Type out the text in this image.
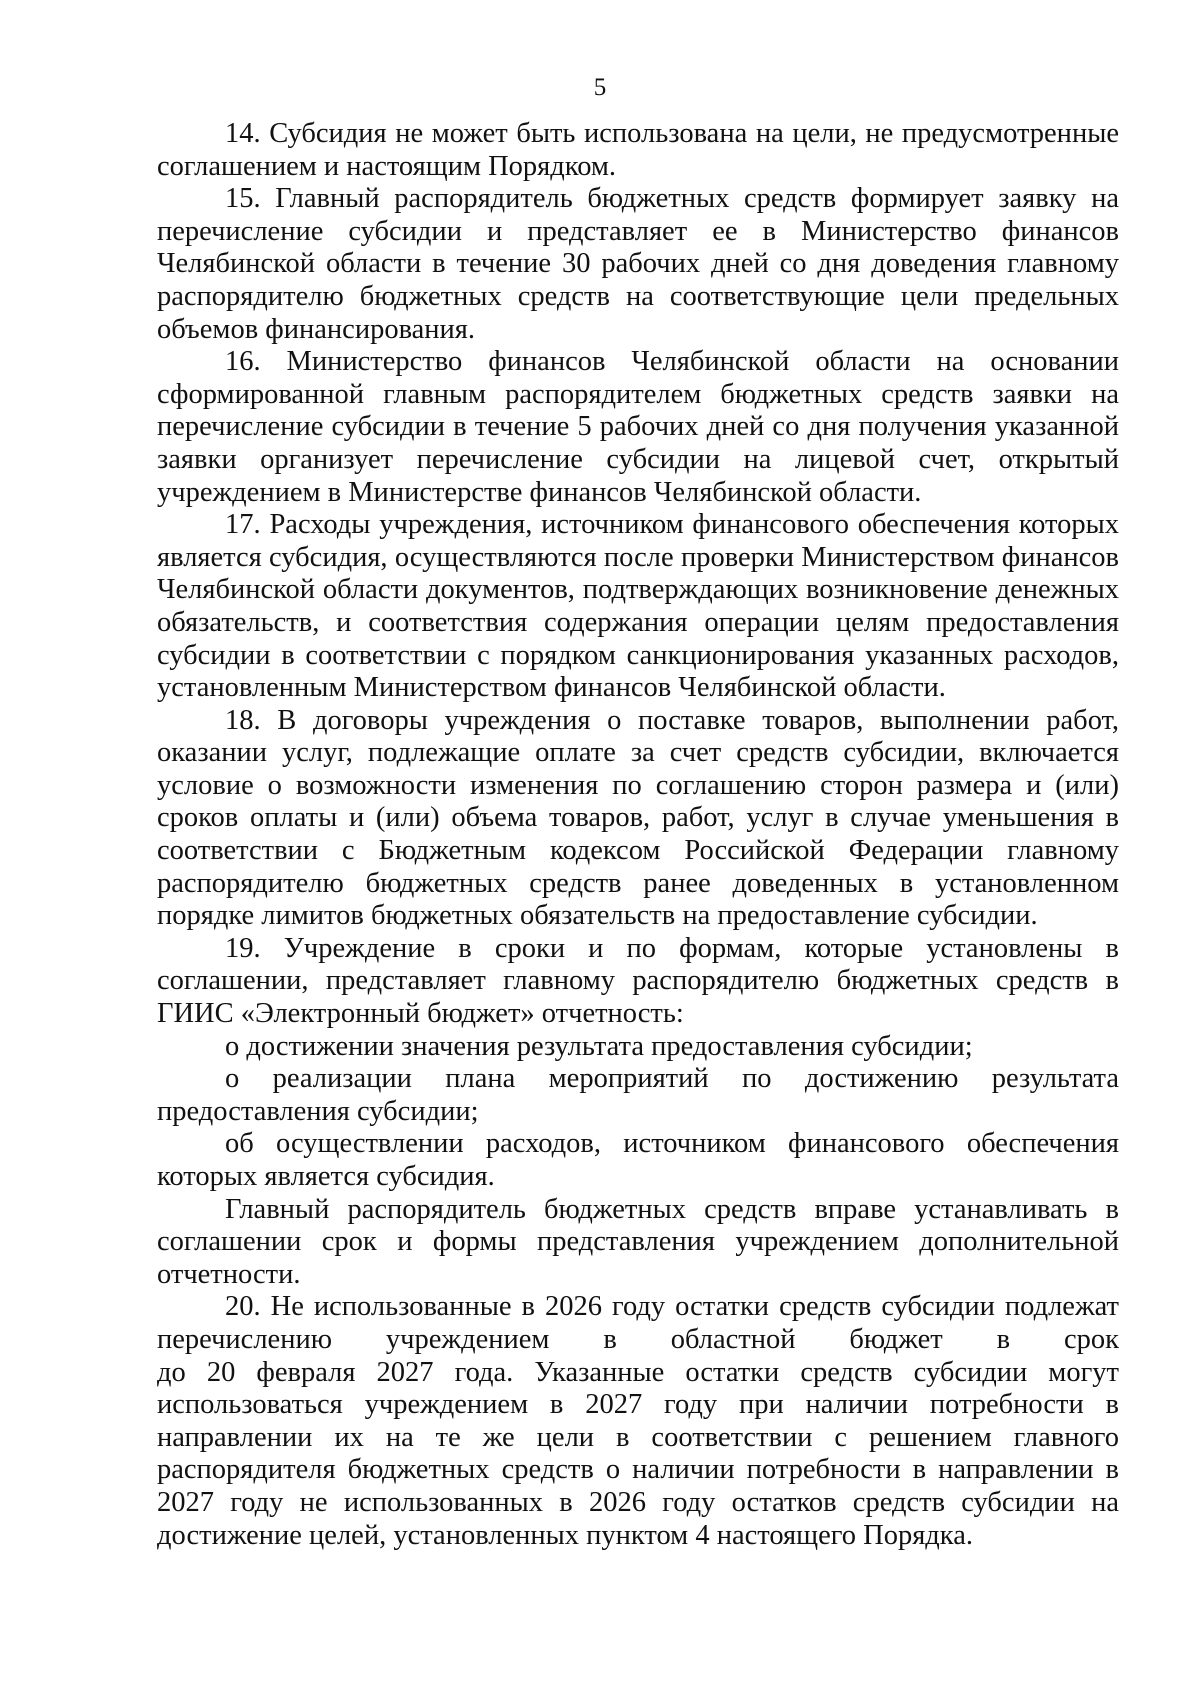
5

14. Субсидия не может быть использована на цели, не предусмотренные соглашением и настоящим Порядком.

15. Главный распорядитель бюджетных средств формирует заявку на перечисление субсидии и представляет ее в Министерство финансов Челябинской области в течение 30 рабочих дней со дня доведения главному распорядителю бюджетных средств на соответствующие цели предельных объемов финансирования.

16. Министерство финансов Челябинской области на основании сформированной главным распорядителем бюджетных средств заявки на перечисление субсидии в течение 5 рабочих дней со дня получения указанной заявки организует перечисление субсидии на лицевой счет, открытый учреждением в Министерстве финансов Челябинской области.

17. Расходы учреждения, источником финансового обеспечения которых является субсидия, осуществляются после проверки Министерством финансов Челябинской области документов, подтверждающих возникновение денежных обязательств, и соответствия содержания операции целям предоставления субсидии в соответствии с порядком санкционирования указанных расходов, установленным Министерством финансов Челябинской области.

18. В договоры учреждения о поставке товаров, выполнении работ, оказании услуг, подлежащие оплате за счет средств субсидии, включается условие о возможности изменения по соглашению сторон размера и (или) сроков оплаты и (или) объема товаров, работ, услуг в случае уменьшения в соответствии с Бюджетным кодексом Российской Федерации главному распорядителю бюджетных средств ранее доведенных в установленном порядке лимитов бюджетных обязательств на предоставление субсидии.

19. Учреждение в сроки и по формам, которые установлены в соглашении, представляет главному распорядителю бюджетных средств в ГИИС «Электронный бюджет» отчетность:

о достижении значения результата предоставления субсидии;

о реализации плана мероприятий по достижению результата предоставления субсидии;

об осуществлении расходов, источником финансового обеспечения которых является субсидия.

Главный распорядитель бюджетных средств вправе устанавливать в соглашении срок и формы представления учреждением дополнительной отчетности.

20. Не использованные в 2026 году остатки средств субсидии подлежат перечислению учреждением в областной бюджет в срок

до 20 февраля 2027 года. Указанные остатки средств субсидии могут использоваться учреждением в 2027 году при наличии потребности в направлении их на те же цели в соответствии с решением главного распорядителя бюджетных средств о наличии потребности в направлении в 2027 году не использованных в 2026 году остатков средств субсидии на достижение целей, установленных пунктом 4 настоящего Порядка.
